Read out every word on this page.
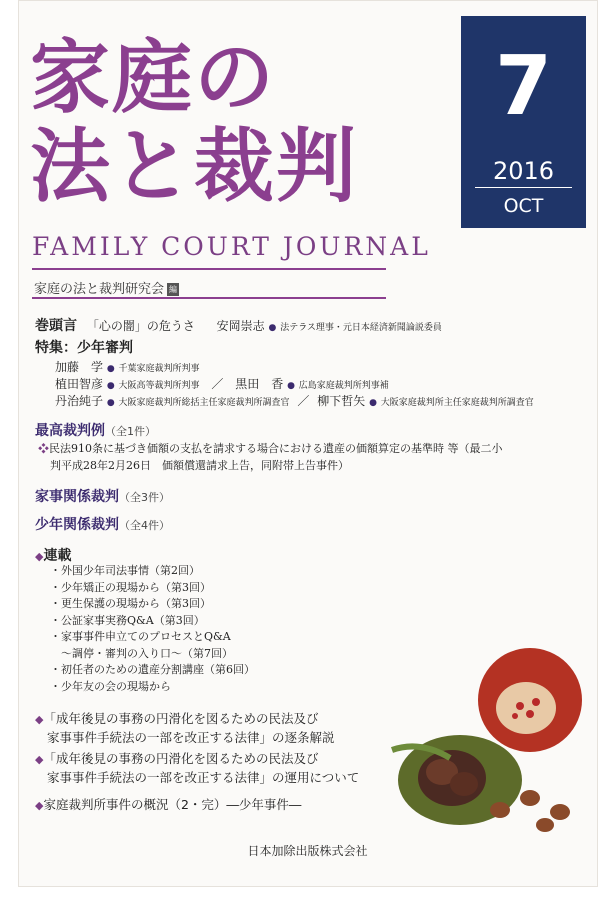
家庭の
法と裁判
FAMILY COURT JOURNAL
家庭の法と裁判研究会 編
7
2016
OCT
巻頭言 「心の闇」の危うさ 安岡崇志 ● 法テラス理事・元日本経済新聞論説委員
特集：少年審判
加藤　学 ● 千葉家庭裁判所判事
植田智彦 ● 大阪高等裁判所判事 ／ 黒田　香 ● 広島家庭裁判所判事補
丹治純子 ● 大阪家庭裁判所総括主任家庭裁判所調査官 ／ 柳下哲矢 ● 大阪家庭裁判所主任家庭裁判所調査官
最高裁判例（全1件）
❖民法910条に基づき価額の支払を請求する場合における遺産の価額算定の基準時 等（最二小
判平成28年2月26日　価額償還請求上告，同附帯上告事件）
家事関係裁判（全3件）
少年関係裁判（全4件）
◆連載
・外国少年司法事情（第2回）
・少年矯正の現場から（第3回）
・更生保護の現場から（第3回）
・公証家事実務Q&A（第3回）
・家事事件申立てのプロセスとQ&A
　～調停・審判の入り口～（第7回）
・初任者のための遺産分割講座（第6回）
・少年友の会の現場から
◆「成年後見の事務の円滑化を図るための民法及び
家事事件手続法の一部を改正する法律」の逐条解説
◆「成年後見の事務の円滑化を図るための民法及び
家事事件手続法の一部を改正する法律」の運用について
◆家庭裁判所事件の概況（2・完）―少年事件―
日本加除出版株式会社
